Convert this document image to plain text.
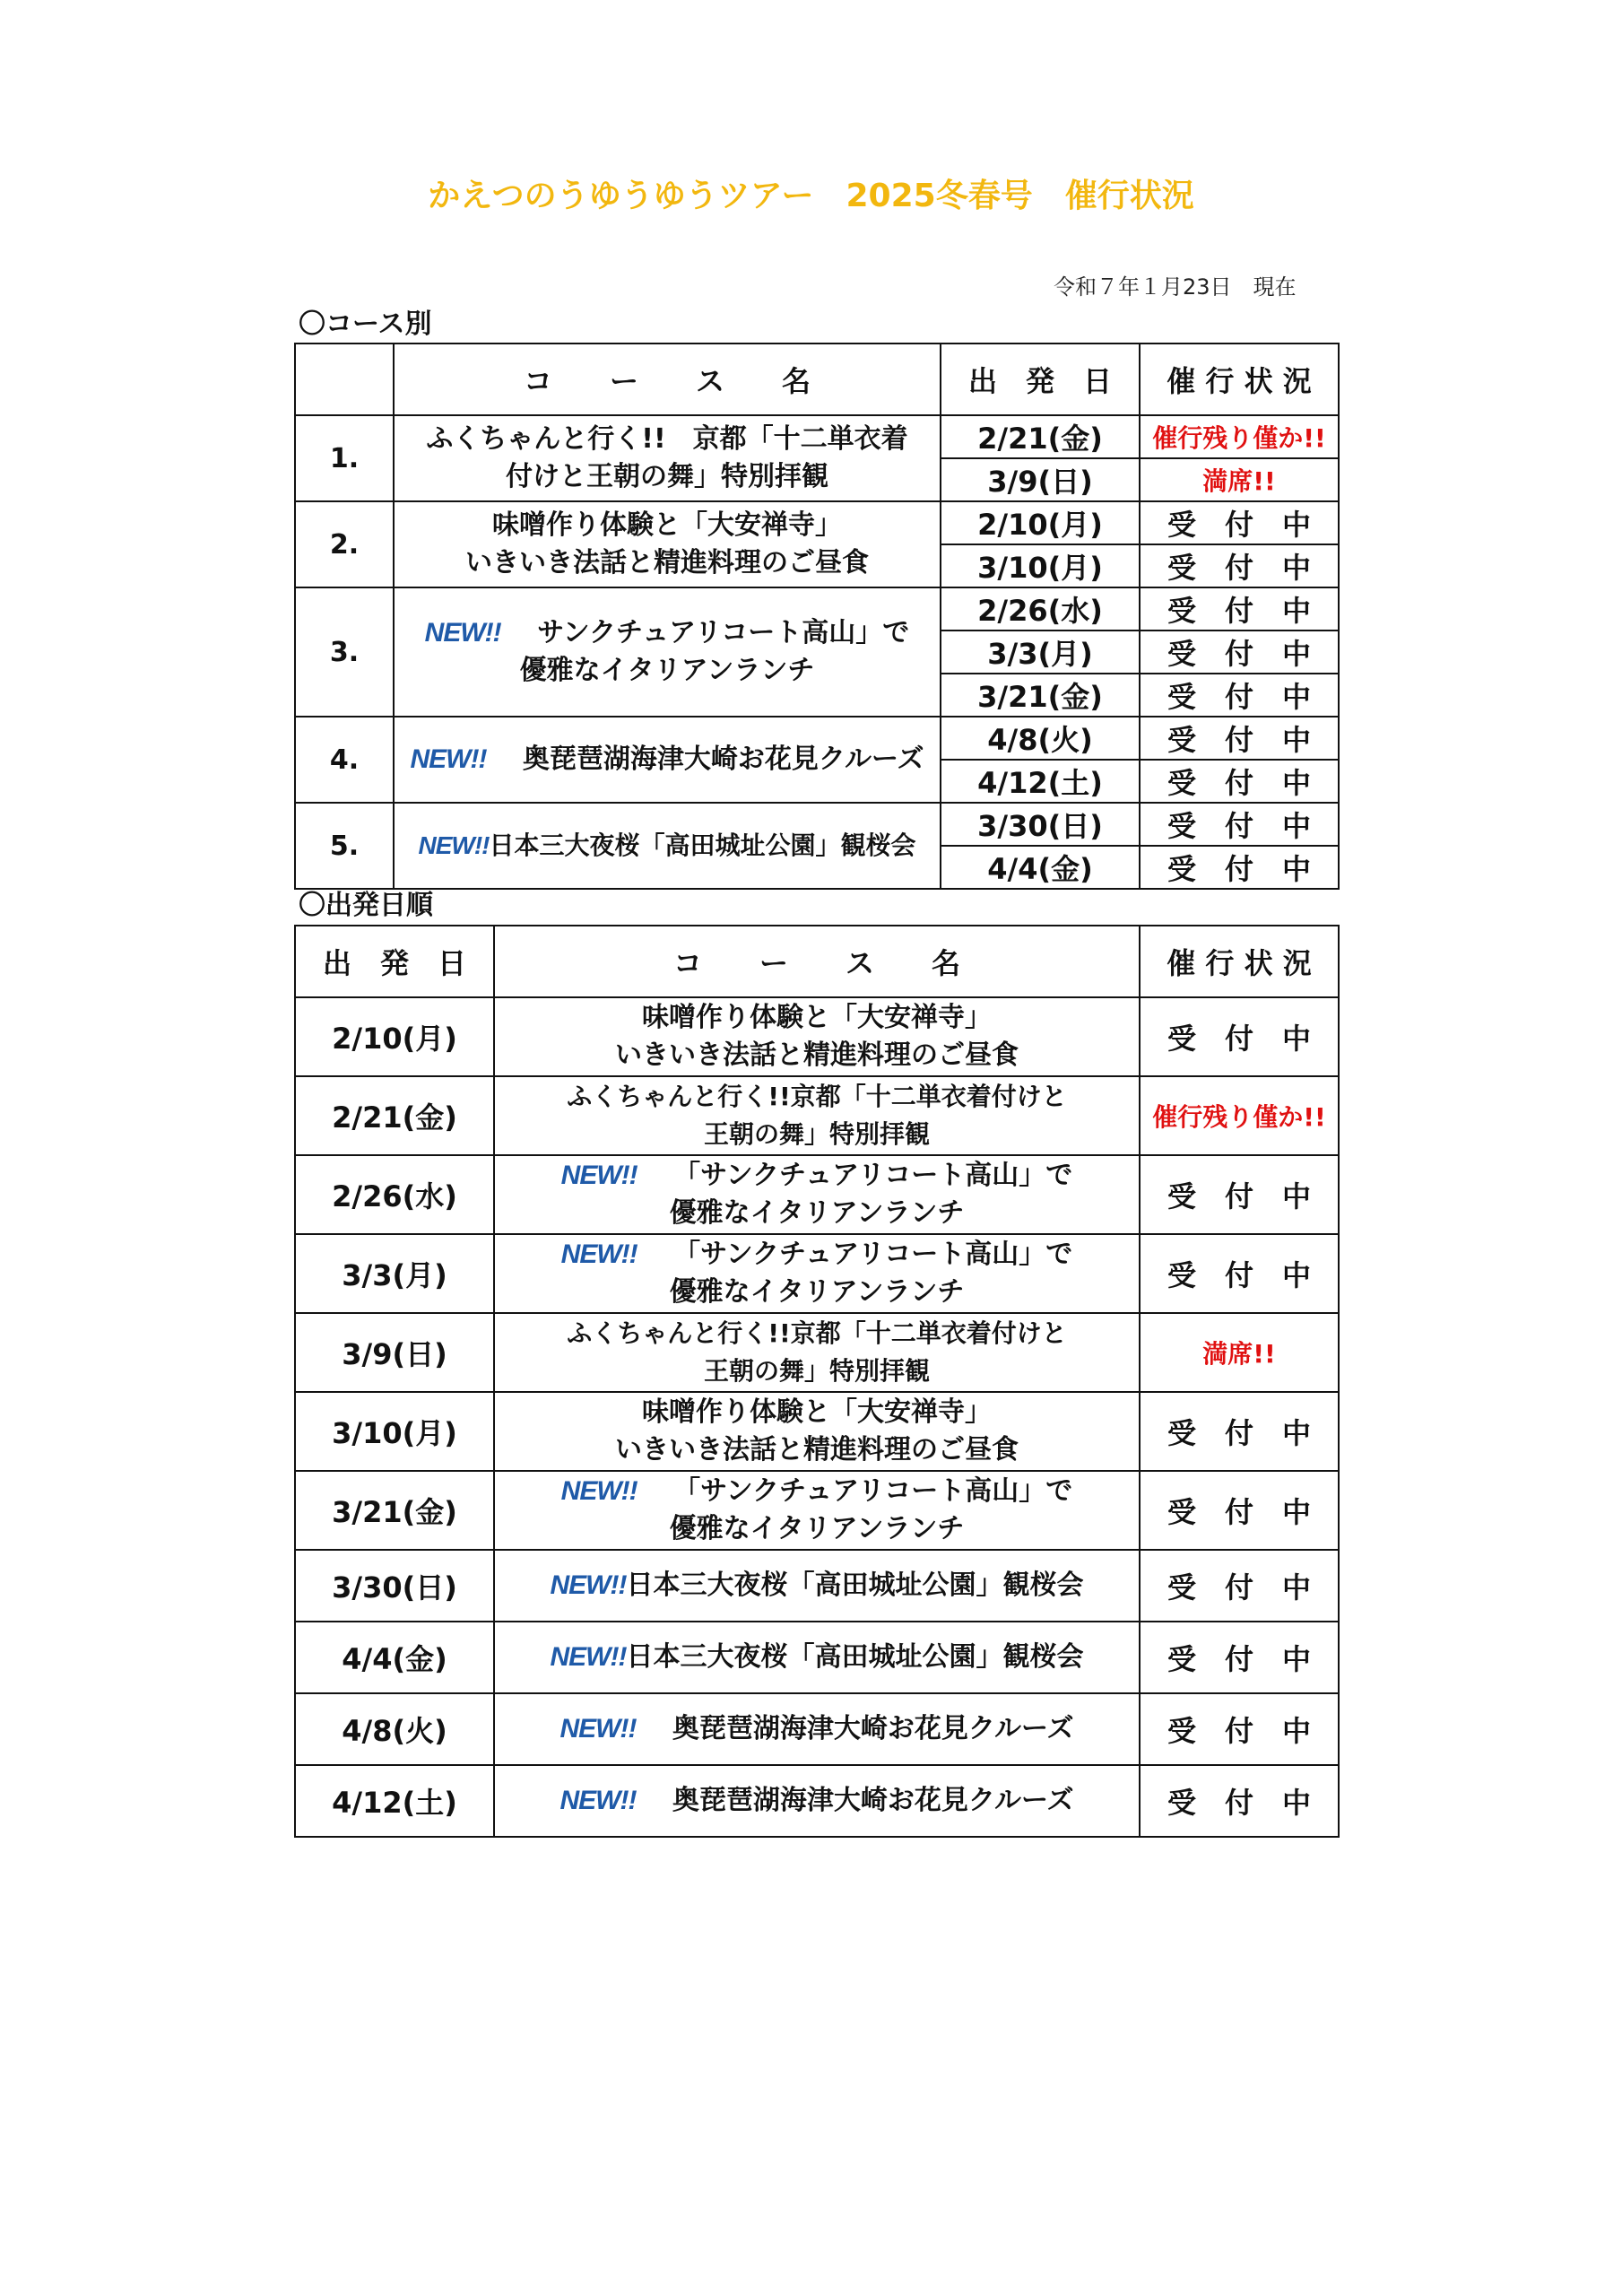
かえつのうゆうゆうツアー　2025冬春号　催行状況
令和７年１月23日　現在
〇コース別
〇出発日順
	コ　　ー　　ス　　名	出　発　日	催 行 状 況
1.	ふくちゃんと行く!!　京都「十二単衣着
付けと王朝の舞」特別拝観	2/21(金)	催行残り僅か!!
		3/9(日)	満席!!
2.	味噌作り体験と「大安禅寺」
いきいき法話と精進料理のご昼食	2/10(月)	受　付　中
		3/10(月)	受　付　中
3.	NEW!!　 サンクチュアリコート高山」で
優雅なイタリアンランチ	2/26(水)	受　付　中
		3/3(月)	受　付　中
		3/21(金)	受　付　中
4.	NEW!!　 奥琵琶湖海津大崎お花見クルーズ	4/8(火)	受　付　中
		4/12(土)	受　付　中
5.	NEW!!日本三大夜桜「高田城址公園」観桜会	3/30(日)	受　付　中
		4/4(金)	受　付　中
出　発　日	コ　　ー　　ス　　名	催 行 状 況
2/10(月)	味噌作り体験と「大安禅寺」
いきいき法話と精進料理のご昼食	受　付　中
2/21(金)	ふくちゃんと行く!!京都「十二単衣着付けと
王朝の舞」特別拝観	催行残り僅か!!
2/26(水)	NEW!!　 「サンクチュアリコート高山」で
優雅なイタリアンランチ	受　付　中
3/3(月)	NEW!!　 「サンクチュアリコート高山」で
優雅なイタリアンランチ	受　付　中
3/9(日)	ふくちゃんと行く!!京都「十二単衣着付けと
王朝の舞」特別拝観	満席!!
3/10(月)	味噌作り体験と「大安禅寺」
いきいき法話と精進料理のご昼食	受　付　中
3/21(金)	NEW!!　 「サンクチュアリコート高山」で
優雅なイタリアンランチ	受　付　中
3/30(日)	NEW!!日本三大夜桜「高田城址公園」観桜会	受　付　中
4/4(金)	NEW!!日本三大夜桜「高田城址公園」観桜会	受　付　中
4/8(火)	NEW!!　 奥琵琶湖海津大崎お花見クルーズ	受　付　中
4/12(土)	NEW!!　 奥琵琶湖海津大崎お花見クルーズ	受　付　中
